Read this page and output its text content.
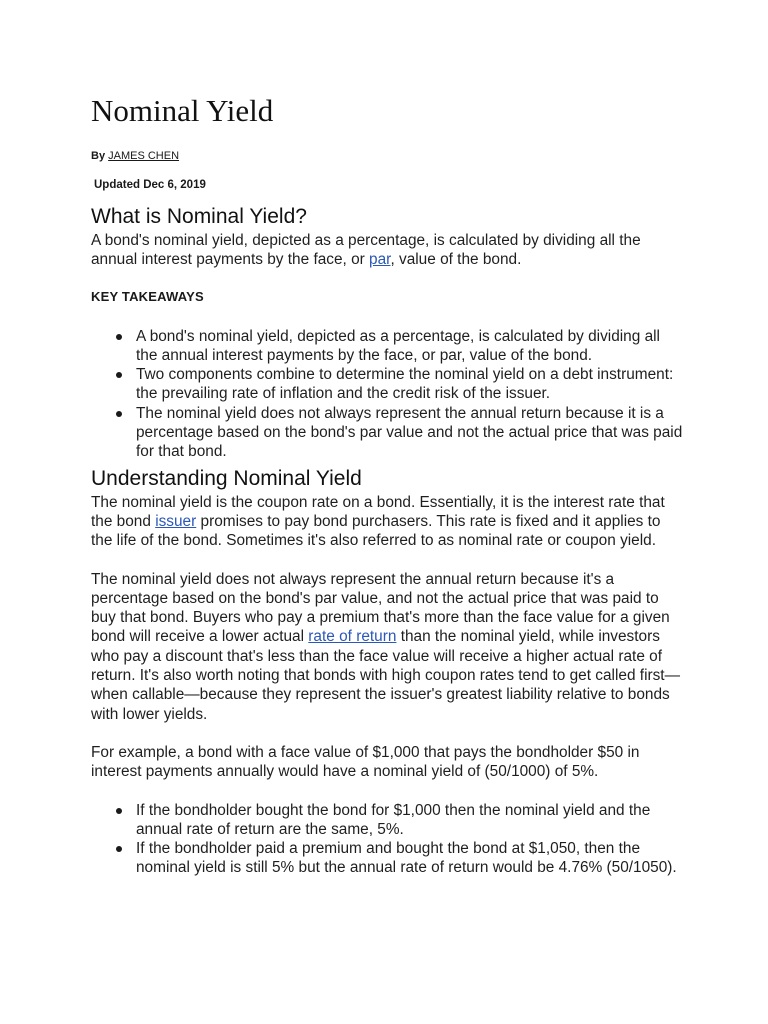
Nominal Yield
By JAMES CHEN
Updated Dec 6, 2019
What is Nominal Yield?

A bond's nominal yield, depicted as a percentage, is calculated by dividing all the annual interest payments by the face, or par, value of the bond.

KEY TAKEAWAYS
A bond's nominal yield, depicted as a percentage, is calculated by dividing all the annual interest payments by the face, or par, value of the bond.
Two components combine to determine the nominal yield on a debt instrument: the prevailing rate of inflation and the credit risk of the issuer.
The nominal yield does not always represent the annual return because it is a percentage based on the bond's par value and not the actual price that was paid for that bond.
Understanding Nominal Yield

The nominal yield is the coupon rate on a bond. Essentially, it is the interest rate that the bond issuer promises to pay bond purchasers. This rate is fixed and it applies to the life of the bond. Sometimes it's also referred to as nominal rate or coupon yield.

The nominal yield does not always represent the annual return because it's a percentage based on the bond's par value, and not the actual price that was paid to buy that bond. Buyers who pay a premium that's more than the face value for a given bond will receive a lower actual rate of return than the nominal yield, while investors who pay a discount that's less than the face value will receive a higher actual rate of return. It's also worth noting that bonds with high coupon rates tend to get called first—when callable—because they represent the issuer's greatest liability relative to bonds with lower yields.

For example, a bond with a face value of $1,000 that pays the bondholder $50 in interest payments annually would have a nominal yield of (50/1000) of 5%.

If the bondholder bought the bond for $1,000 then the nominal yield and the annual rate of return are the same, 5%.
If the bondholder paid a premium and bought the bond at $1,050, then the nominal yield is still 5% but the annual rate of return would be 4.76% (50/1050).
